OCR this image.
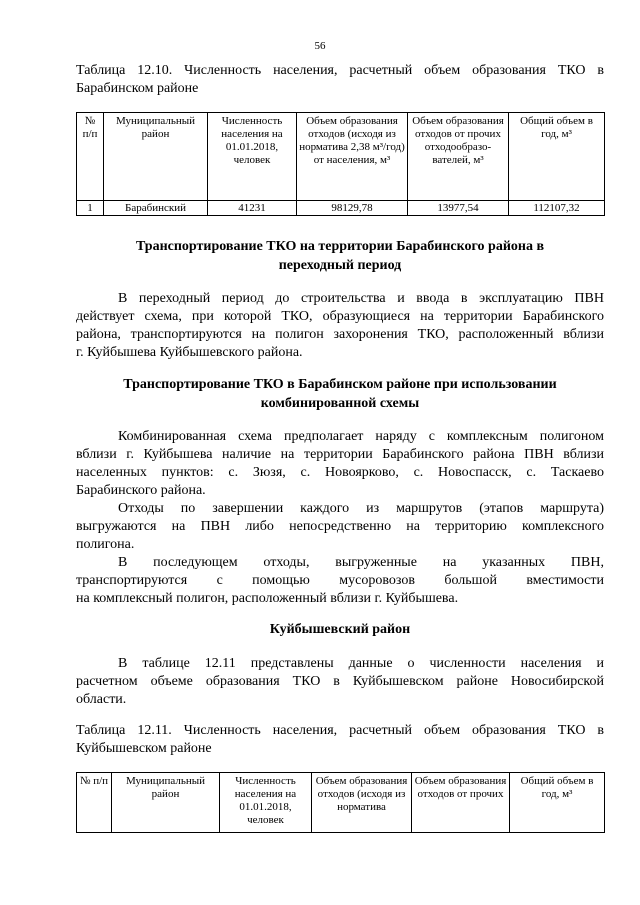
56
Таблица 12.10. Численность населения, расчетный объем образования ТКО в
Барабинском районе
№ п/п	Муниципальный район	Численность населения на 01.01.2018, человек	Объем образования отходов (исходя из норматива 2,38 м³/год) от населения, м³	Объем образования отходов от прочих отходообразо-вателей, м³	Общий объем в год, м³
1	Барабинский	41231	98129,78	13977,54	112107,32
Транспортирование ТКО на территории Барабинского района в
переходный период
В переходный период до строительства и ввода в эксплуатацию ПВН
действует схема, при которой ТКО, образующиеся на территории Барабинского
района, транспортируются на полигон захоронения ТКО, расположенный вблизи
г. Куйбышева Куйбышевского района.
Транспортирование ТКО в Барабинском районе при использовании
комбинированной схемы
Комбинированная схема предполагает наряду с комплексным полигоном
вблизи г. Куйбышева наличие на территории Барабинского района ПВН вблизи
населенных пунктов: с. Зюзя, с. Новоярково, с. Новоспасск, с. Таскаево
Барабинского района.
Отходы по завершении каждого из маршрутов (этапов маршрута)
выгружаются на ПВН либо непосредственно на территорию комплексного
полигона.
В последующем отходы, выгруженные на указанных ПВН,
транспортируются с помощью мусоровозов большой вместимости
на комплексный полигон, расположенный вблизи г. Куйбышева.
Куйбышевский район
В таблице 12.11 представлены данные о численности населения и
расчетном объеме образования ТКО в Куйбышевском районе Новосибирской
области.
Таблица 12.11. Численность населения, расчетный объем образования ТКО в
Куйбышевском районе
№ п/п	Муниципальный район	Численность населения на 01.01.2018, человек	Объем образования отходов (исходя из норматива	Объем образования отходов от прочих	Общий объем в год, м³
